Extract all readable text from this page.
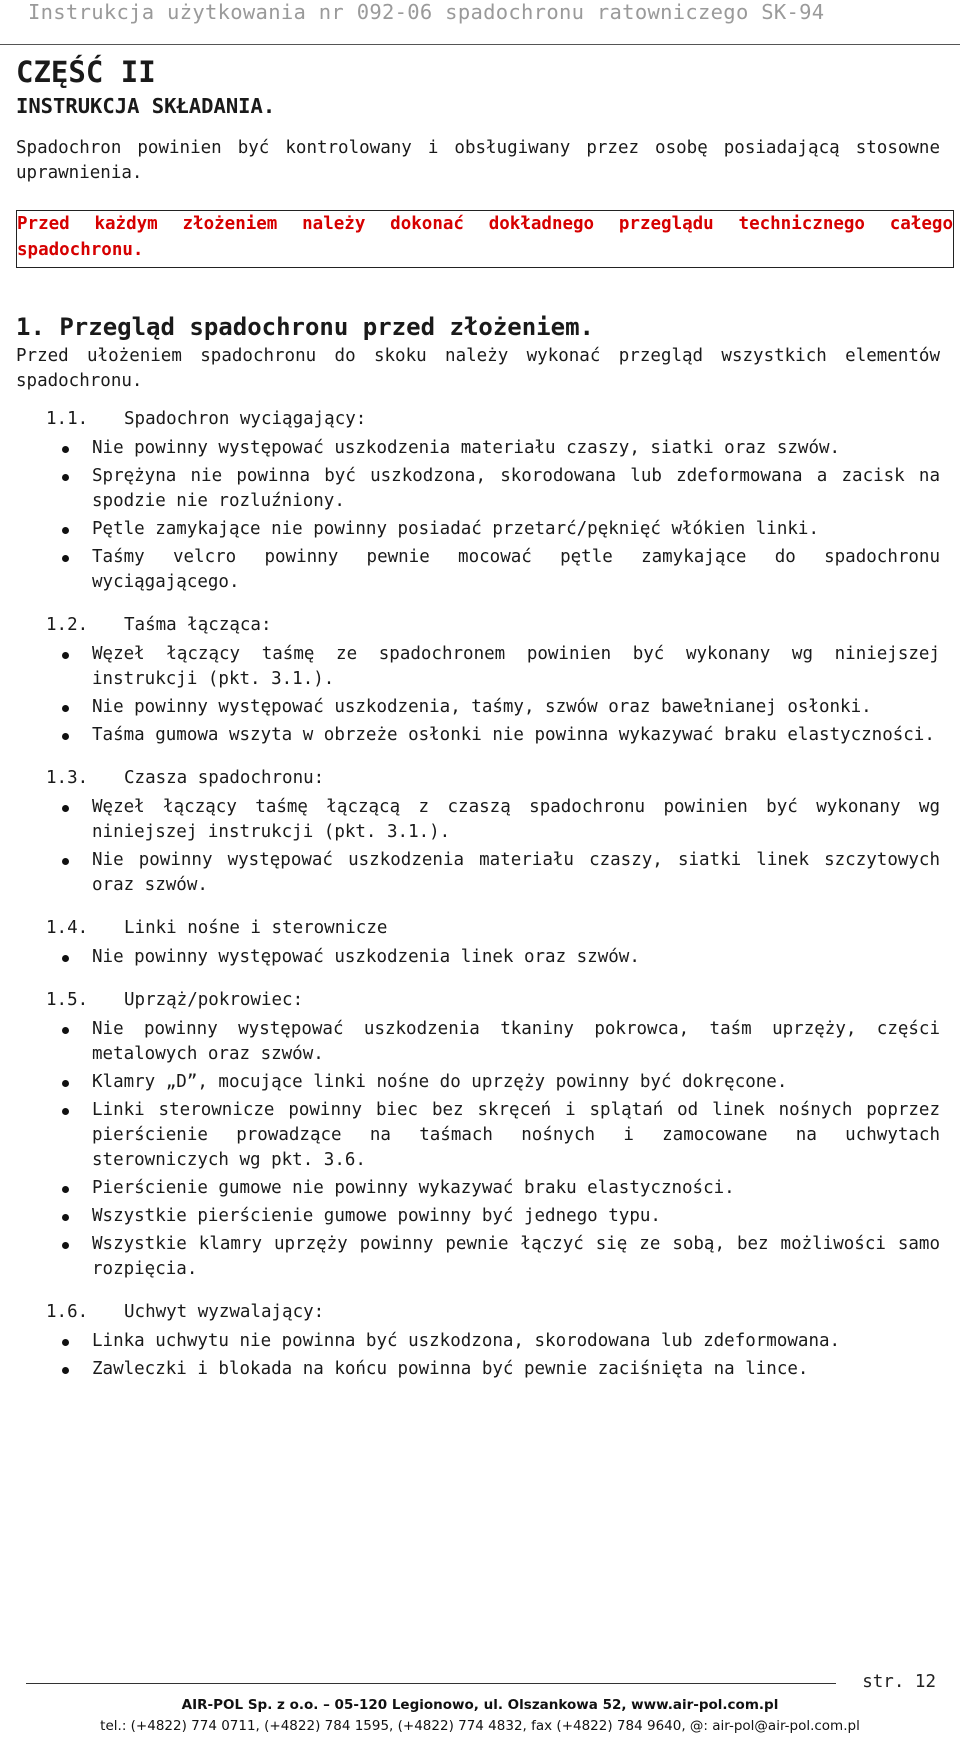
Instrukcja użytkowania nr 092-06 spadochronu ratowniczego SK-94
CZĘŚĆ II
INSTRUKCJA SKŁADANIA.

Spadochron powinien być kontrolowany i obsługiwany przez osobę posiadającą stosowne uprawnienia.

Przed każdym złożeniem należy dokonać dokładnego przeglądu technicznego całego spadochronu.

1. Przegląd spadochronu przed złożeniem.

Przed ułożeniem spadochronu do skoku należy wykonać przegląd wszystkich elementów spadochronu.

1.1.	Spadochron wyciągający:
Nie powinny występować uszkodzenia materiału czaszy, siatki oraz szwów.
Sprężyna nie powinna być uszkodzona, skorodowana lub zdeformowana a zacisk na spodzie nie rozluźniony.
Pętle zamykające nie powinny posiadać przetarć/pęknięć włókien linki.
Taśmy velcro powinny pewnie mocować pętle zamykające do spadochronu wyciągającego.
1.2.	Taśma łącząca:
Węzeł łączący taśmę ze spadochronem powinien być wykonany wg niniejszej instrukcji (pkt. 3.1.).
Nie powinny występować uszkodzenia, taśmy, szwów oraz bawełnianej osłonki.
Taśma gumowa wszyta w obrzeże osłonki nie powinna wykazywać braku elastyczności.
1.3.	Czasza spadochronu:
Węzeł łączący taśmę łączącą z czaszą spadochronu powinien być wykonany wg niniejszej instrukcji (pkt. 3.1.).
Nie powinny występować uszkodzenia materiału czaszy, siatki linek szczytowych oraz szwów.
1.4.	Linki nośne i sterownicze
Nie powinny występować uszkodzenia linek oraz szwów.
1.5.	Uprząż/pokrowiec:
Nie powinny występować uszkodzenia tkaniny pokrowca, taśm uprzęży, części metalowych oraz szwów.
Klamry „D”, mocujące linki nośne do uprzęży powinny być dokręcone.
Linki sterownicze powinny biec bez skręceń i splątań od linek nośnych poprzez pierścienie prowadzące na taśmach nośnych i zamocowane na uchwytach sterowniczych wg pkt. 3.6.
Pierścienie gumowe nie powinny wykazywać braku elastyczności.
Wszystkie pierścienie gumowe powinny być jednego typu.
Wszystkie klamry uprzęży powinny pewnie łączyć się ze sobą, bez możliwości samo rozpięcia.
1.6.	Uchwyt wyzwalający:
Linka uchwytu nie powinna być uszkodzona, skorodowana lub zdeformowana.
Zawleczki i blokada na końcu powinna być pewnie zaciśnięta na lince.
str. 12
AIR-POL Sp. z o.o. – 05-120 Legionowo, ul. Olszankowa 52, www.air-pol.com.pl
tel.: (+4822) 774 0711, (+4822) 784 1595, (+4822) 774 4832, fax (+4822) 784 9640, @: air-pol@air-pol.com.pl
